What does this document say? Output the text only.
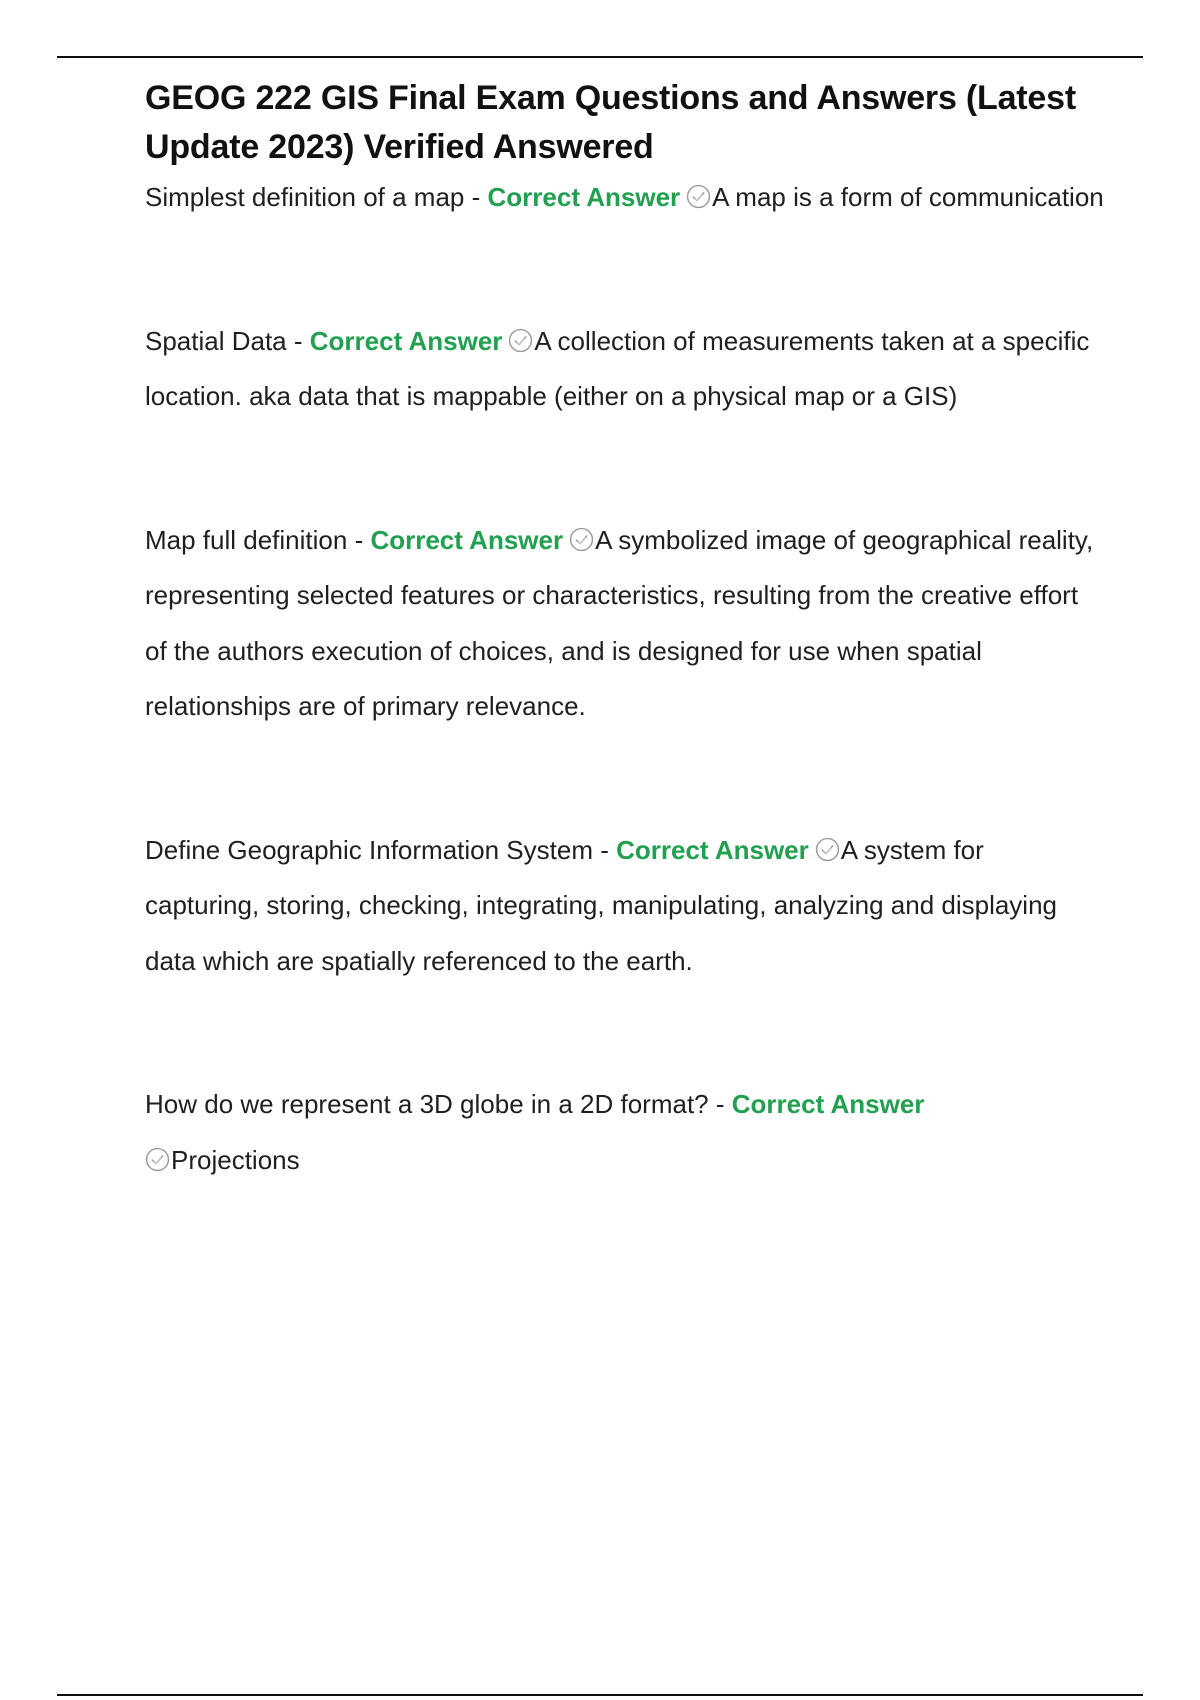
GEOG 222 GIS Final Exam Questions and Answers (Latest Update 2023) Verified Answered

Simplest definition of a map - Correct Answer A map is a form of communication

Spatial Data - Correct Answer A collection of measurements taken at a specific location. aka data that is mappable (either on a physical map or a GIS)

Map full definition - Correct Answer A symbolized image of geographical reality, representing selected features or characteristics, resulting from the creative effort of the authors execution of choices, and is designed for use when spatial relationships are of primary relevance.

Define Geographic Information System - Correct Answer A system for capturing, storing, checking, integrating, manipulating, analyzing and displaying data which are spatially referenced to the earth.

How do we represent a 3D globe in a 2D format? - Correct Answer

Projections
